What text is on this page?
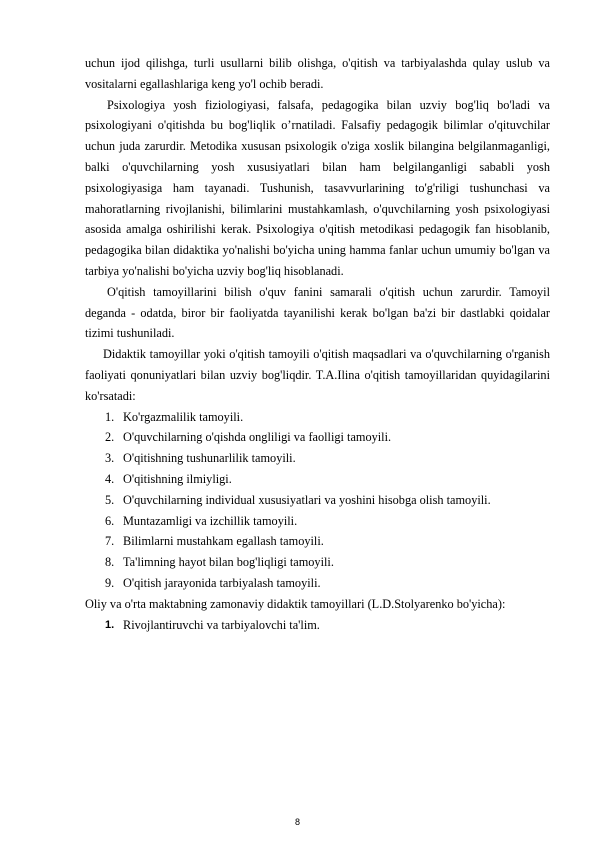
uchun ijod qilishga, turli usullarni bilib olishga, o'qitish va tarbiyalashda qulay uslub va vositalarni egallashlariga keng yo'l ochib beradi.

Psixologiya yosh fiziologiyasi, falsafa, pedagogika bilan uzviy bog'liq bo'ladi va psixologiyani o'qitishda bu bog'liqlik o’rnatiladi. Falsafiy pedagogik bilimlar o'qituvchilar uchun juda zarurdir. Metodika xususan psixologik o'ziga xoslik bilangina belgilanmaganligi, balki o'quvchilarning yosh xususiyatlari bilan ham belgilanganligi sababli yosh psixologiyasiga ham tayanadi. Tushunish, tasavvurlarining to'g'riligi tushunchasi va mahoratlarning rivojlanishi, bilimlarini mustahkamlash, o'quvchilarning yosh psixologiyasi asosida amalga oshirilishi kerak. Psixologiya o'qitish metodikasi pedagogik fan hisoblanib, pedagogika bilan didaktika yo'nalishi bo'yicha uning hamma fanlar uchun umumiy bo'lgan va tarbiya yo'nalishi bo'yicha uzviy bog'liq hisoblanadi.

O'qitish tamoyillarini bilish o'quv fanini samarali o'qitish uchun zarurdir. Tamoyil deganda - odatda, biror bir faoliyatda tayanilishi kerak bo'lgan ba'zi bir dastlabki qoidalar tizimi tushuniladi.

Didaktik tamoyillar yoki o'qitish tamoyili o'qitish maqsadlari va o'quvchilarning o'rganish faoliyati qonuniyatlari bilan uzviy bog'liqdir. T.A.Ilina o'qitish tamoyillaridan quyidagilarini ko'rsatadi:

1. Ko'rgazmalilik tamoyili.
2. O'quvchilarning o'qishda ongliligi va faolligi tamoyili.
3. O'qitishning tushunarlilik tamoyili.
4. O'qitishning ilmiyligi.
5. O'quvchilarning individual xususiyatlari va yoshini hisobga olish tamoyili.
6. Muntazamligi va izchillik tamoyili.
7. Bilimlarni mustahkam egallash tamoyili.
8. Ta'limning hayot bilan bog'liqligi tamoyili.
9. O'qitish jarayonida tarbiyalash tamoyili.

Oliy va o'rta maktabning zamonaviy didaktik tamoyillari (L.D.Stolyarenko bo'yicha):

1. Rivojlantiruvchi va tarbiyalovchi ta'lim.
8
